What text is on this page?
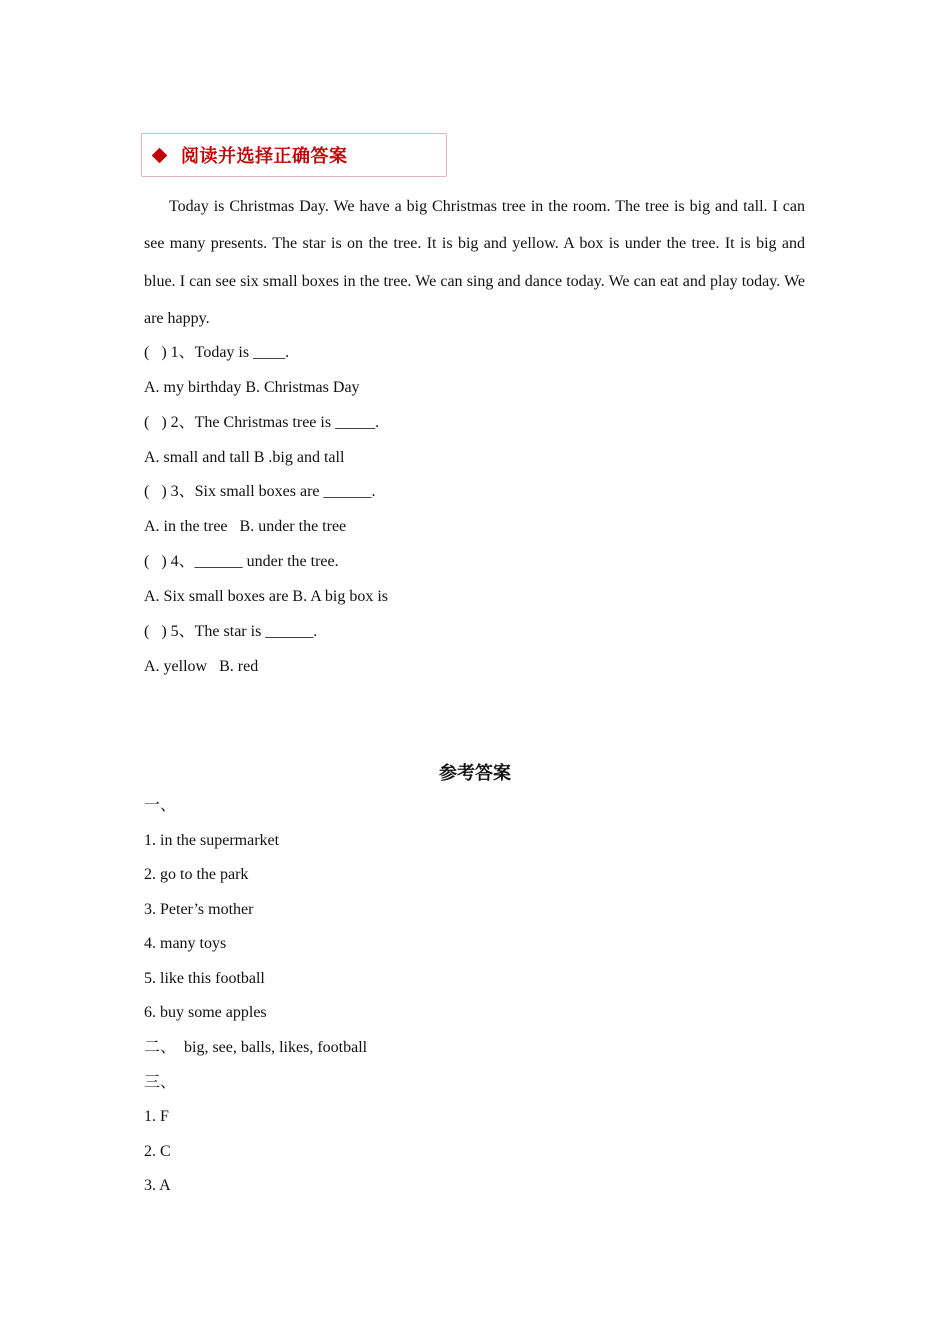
阅读并选择正确答案

Today is Christmas Day. We have a big Christmas tree in the room. The tree is big and tall. I can see many presents. The star is on the tree. It is big and yellow. A box is under the tree. It is big and blue. I can see six small boxes in the tree. We can sing and dance today. We can eat and play today. We are happy.

(   ) 1、Today is ____.
A. my birthday B. Christmas Day
(   ) 2、The Christmas tree is _____.
A. small and tall B .big and tall
(   ) 3、Six small boxes are ______.
A. in the tree   B. under the tree
(   ) 4、______ under the tree.
A. Six small boxes are B. A big box is
(   ) 5、The star is ______.
A. yellow   B. red
参考答案
一、
1. in the supermarket
2. go to the park
3. Peter’s mother
4. many toys
5. like this football
6. buy some apples
二、  big, see, balls, likes, football
三、
1. F
2. C
3. A
